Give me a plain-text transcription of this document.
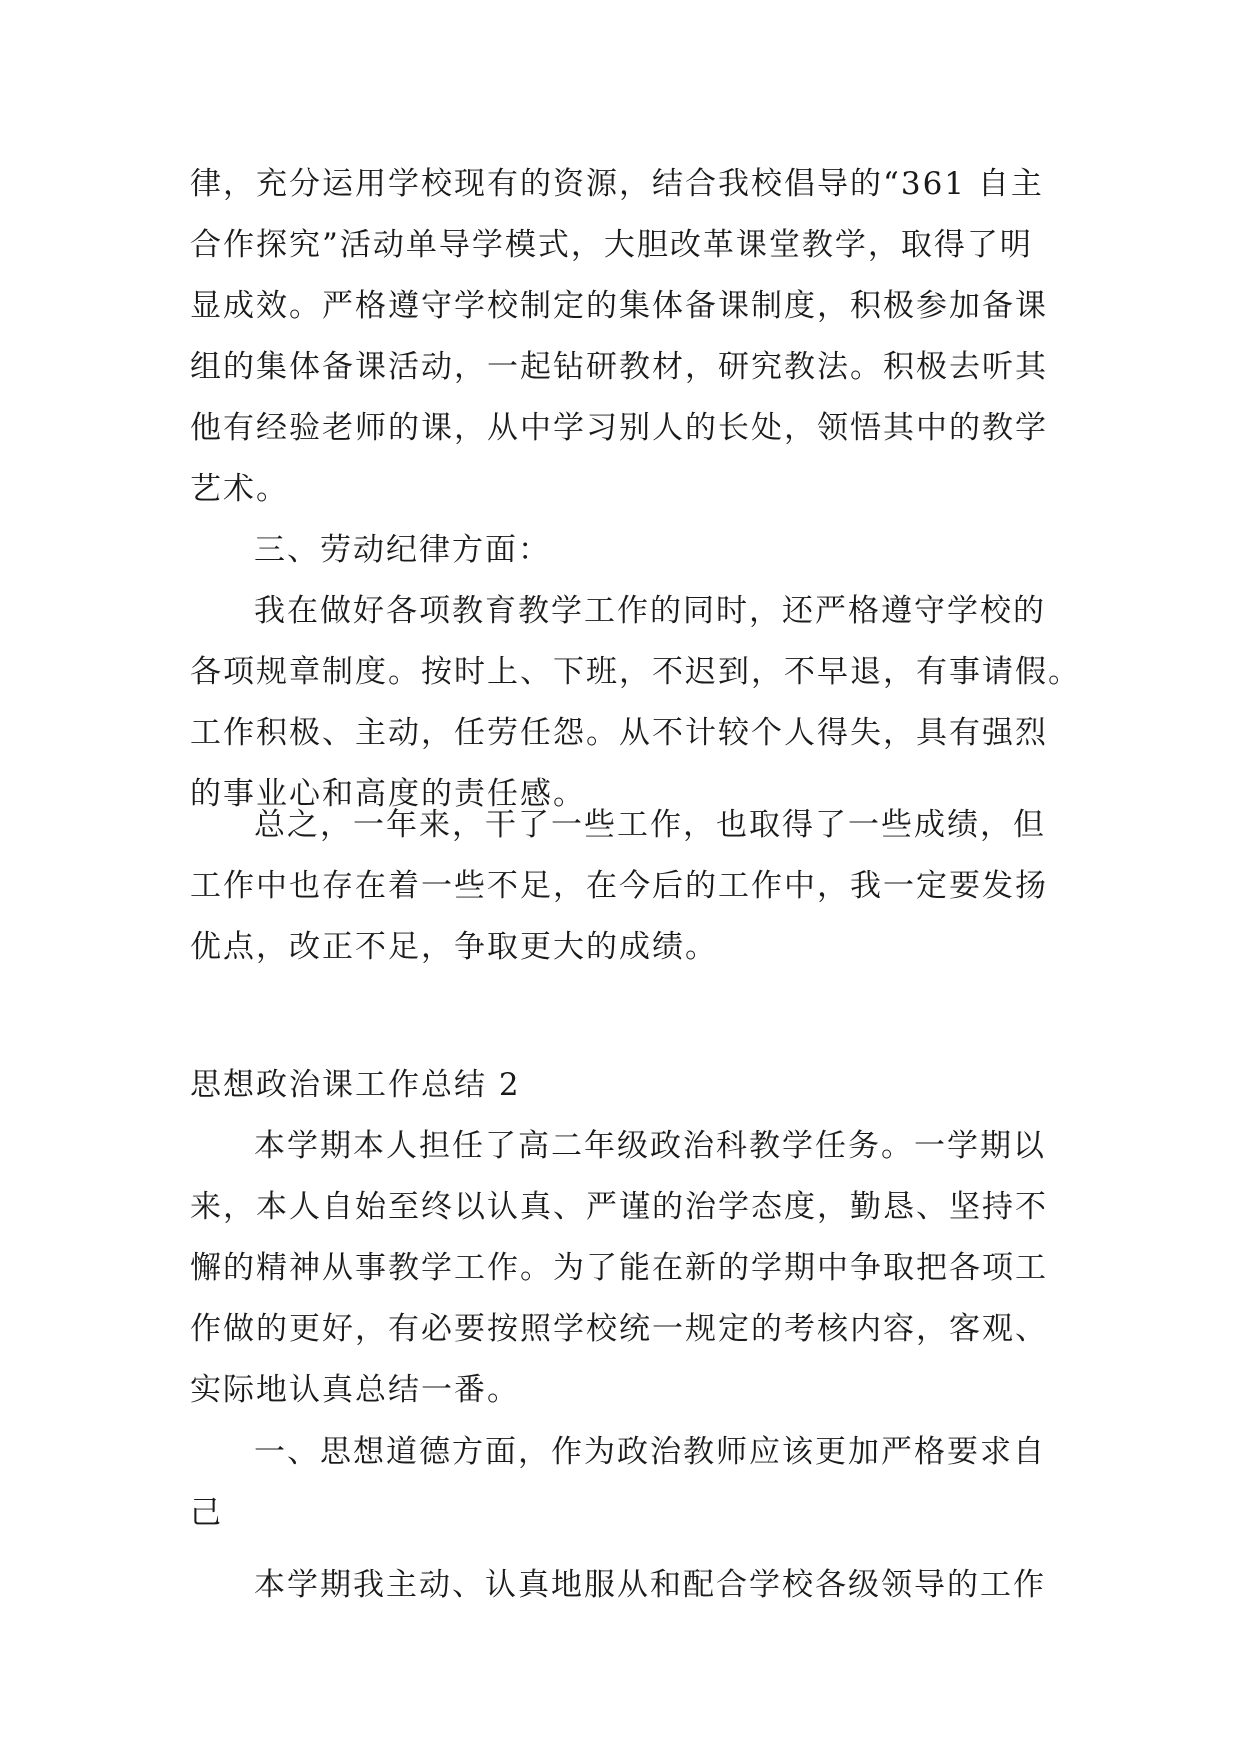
律，充分运用学校现有的资源，结合我校倡导的“361 自主
合作探究”活动单导学模式，大胆改革课堂教学，取得了明
显成效。严格遵守学校制定的集体备课制度，积极参加备课
组的集体备课活动，一起钻研教材，研究教法。积极去听其
他有经验老师的课，从中学习别人的长处，领悟其中的教学
艺术。
三、劳动纪律方面：
我在做好各项教育教学工作的同时，还严格遵守学校的
各项规章制度。按时上、下班，不迟到，不早退，有事请假。
工作积极、主动，任劳任怨。从不计较个人得失，具有强烈
的事业心和高度的责任感。
总之，一年来，干了一些工作，也取得了一些成绩，但
工作中也存在着一些不足，在今后的工作中，我一定要发扬
优点，改正不足，争取更大的成绩。
思想政治课工作总结 2
本学期本人担任了高二年级政治科教学任务。一学期以
来，本人自始至终以认真、严谨的治学态度，勤恳、坚持不
懈的精神从事教学工作。为了能在新的学期中争取把各项工
作做的更好，有必要按照学校统一规定的考核内容，客观、
实际地认真总结一番。
一、思想道德方面，作为政治教师应该更加严格要求自
己
本学期我主动、认真地服从和配合学校各级领导的工作
